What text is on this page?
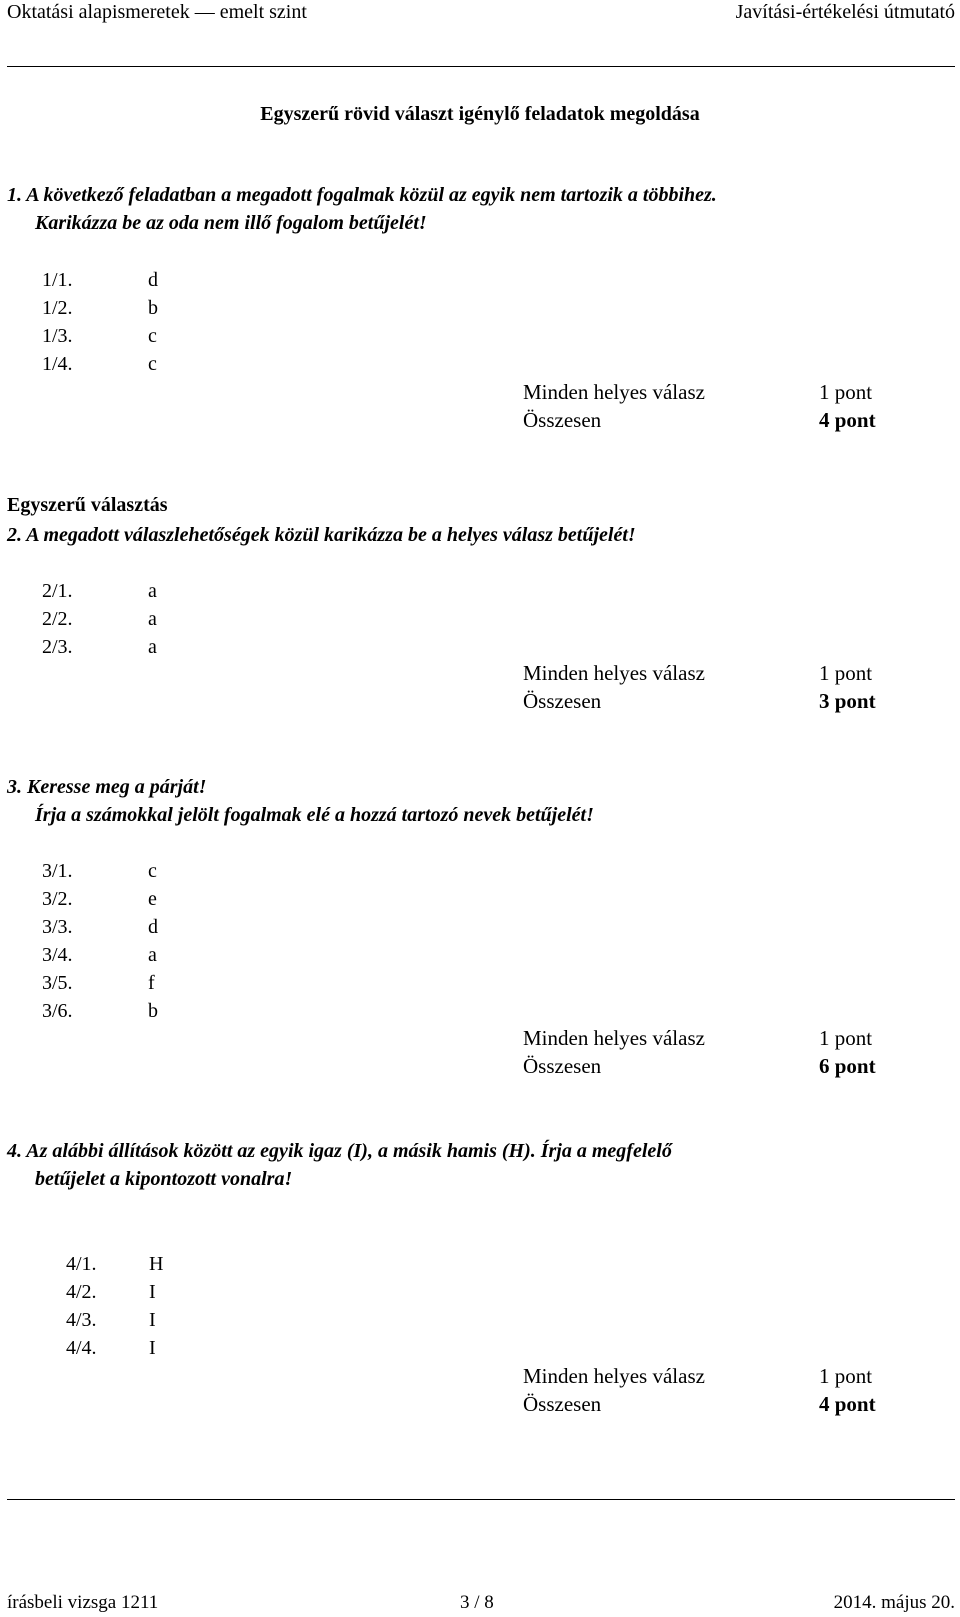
Oktatási alapismeretek — emelt szint	Javítási-értékelési útmutató
Egyszerű rövid választ igénylő feladatok megoldása
1. A következő feladatban a megadott fogalmak közül az egyik nem tartozik a többihez.
Karikázza be az oda nem illő fogalom betűjelét!
1/1.	d
1/2.	b
1/3.	c
1/4.	c
Minden helyes válasz	1 pont
Összesen	4 pont
Egyszerű választás
2. A megadott válaszlehetőségek közül karikázza be a helyes válasz betűjelét!
2/1.	a
2/2.	a
2/3.	a
Minden helyes válasz	1 pont
Összesen	3 pont
3. Keresse meg a párját!
Írja a számokkal jelölt fogalmak elé a hozzá tartozó nevek betűjelét!
3/1.	c
3/2.	e
3/3.	d
3/4.	a
3/5.	f
3/6.	b
Minden helyes válasz	1 pont
Összesen	6 pont
4. Az alábbi állítások között az egyik igaz (I), a másik hamis (H). Írja a megfelelő
betűjelet a kipontozott vonalra!
4/1.	H
4/2.	I
4/3.	I
4/4.	I
Minden helyes válasz	1 pont
Összesen	4 pont
írásbeli vizsga 1211	3 / 8	2014. május 20.
